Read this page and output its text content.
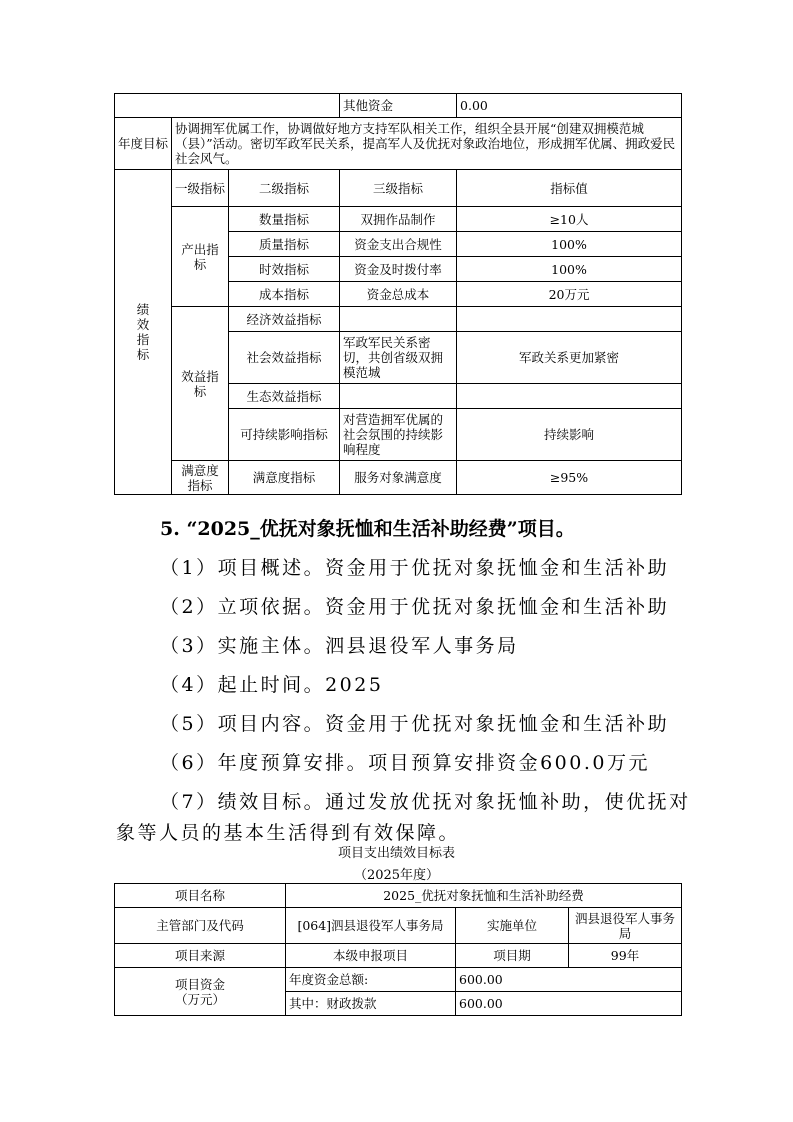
			其他资金	0.00
年度目标	协调拥军优属工作，协调做好地方支持军队相关工作，组织全县开展“创建双拥模范城（县）”活动。密切军政军民关系，提高军人及优抚对象政治地位，形成拥军优属、拥政爱民社会风气。			
绩效指标	一级指标	二级指标	三级指标	指标值
	产出指标	数量指标	双拥作品制作	≥10人
		质量指标	资金支出合规性	100%
		时效指标	资金及时拨付率	100%
		成本指标	资金总成本	20万元
	效益指标	经济效益指标		
		社会效益指标	军政军民关系密切，共创省级双拥模范城	军政关系更加紧密
		生态效益指标		
		可持续影响指标	对营造拥军优属的社会氛围的持续影响程度	持续影响
	满意度指标	满意度指标	服务对象满意度	≥95%
5. “2025_优抚对象抚恤和生活补助经费”项目。
（1）项目概述。资金用于优抚对象抚恤金和生活补助
（2）立项依据。资金用于优抚对象抚恤金和生活补助
（3）实施主体。泗县退役军人事务局
（4）起止时间。2025
（5）项目内容。资金用于优抚对象抚恤金和生活补助
（6）年度预算安排。项目预算安排资金600.0万元
（7）绩效目标。通过发放优抚对象抚恤补助，使优抚对
象等人员的基本生活得到有效保障。
项目支出绩效目标表
（2025年度）
项目名称	2025_优抚对象抚恤和生活补助经费		
主管部门及代码	[064]泗县退役军人事务局	实施单位	泗县退役军人事务局
项目来源	本级申报项目	项目期	99年
项目资金（万元）	年度资金总额:	600.00	
	其中：财政拨款	600.00	
